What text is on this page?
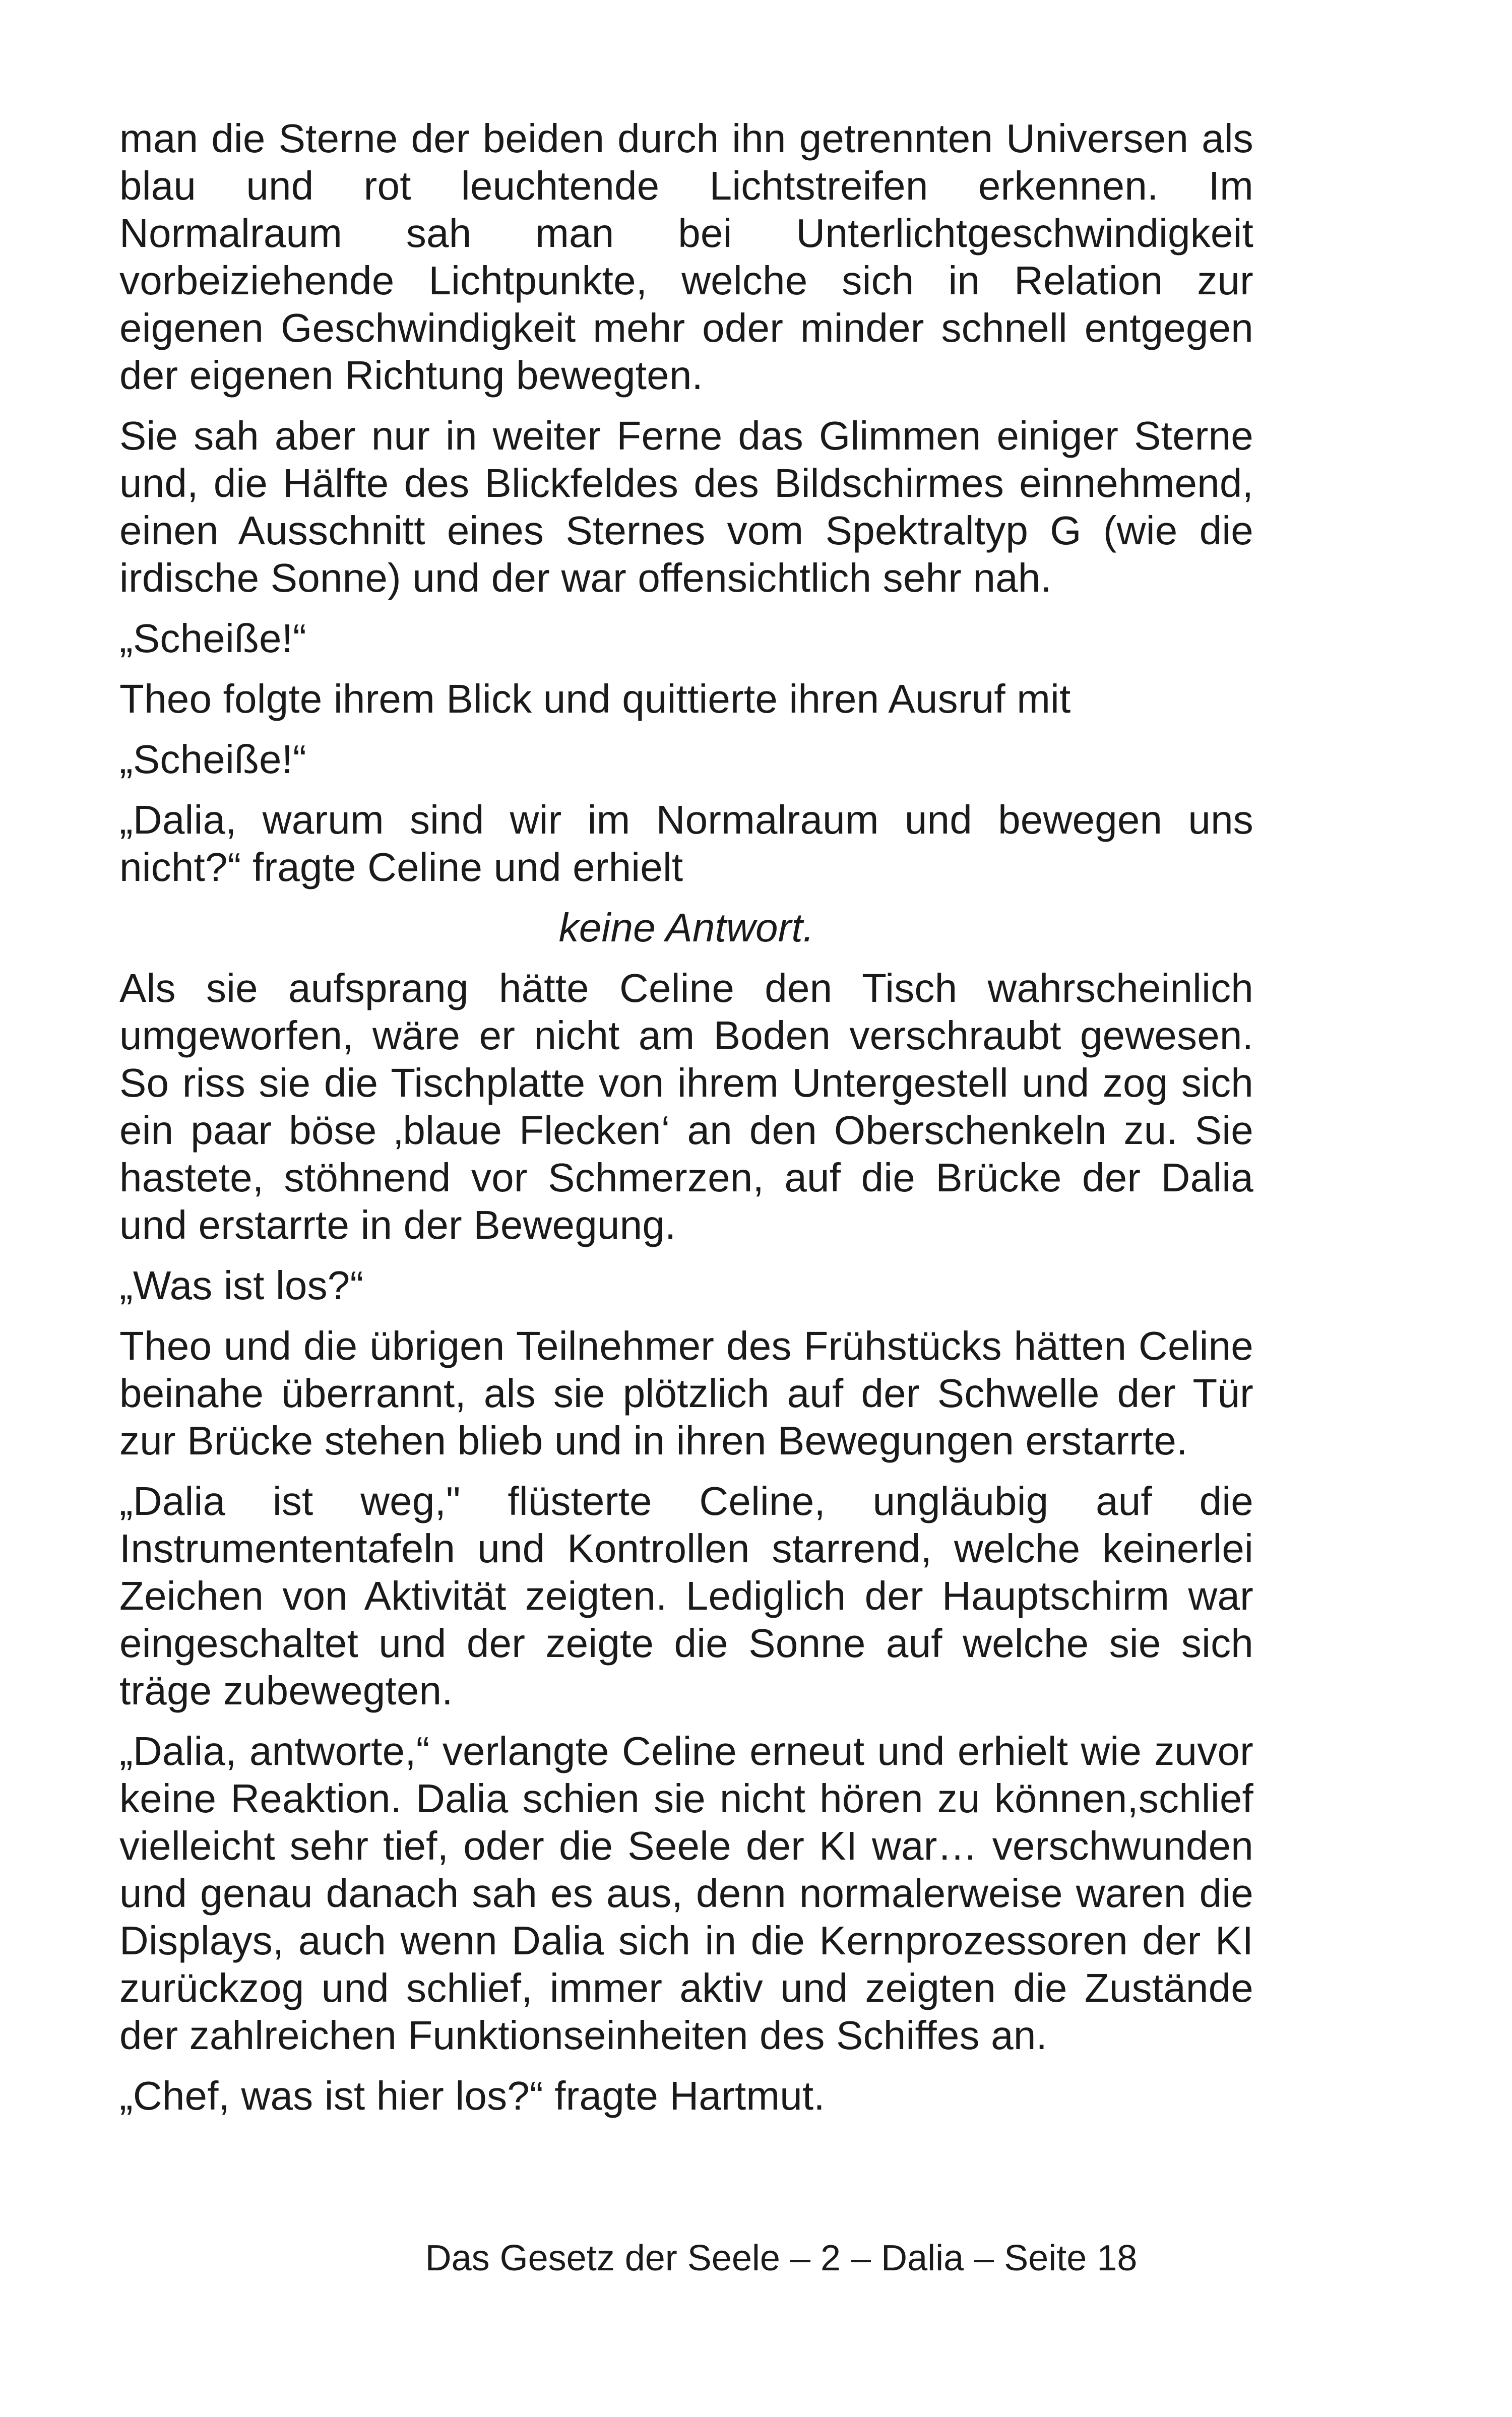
man die Sterne der beiden durch ihn getrennten Universen als blau und rot leuchtende Lichtstreifen erkennen. Im Normalraum sah man bei Unterlichtgeschwindigkeit vorbeiziehende Lichtpunkte, welche sich in Relation zur eigenen Geschwindigkeit mehr oder minder schnell entgegen der eigenen Richtung bewegten.

Sie sah aber nur in weiter Ferne das Glimmen einiger Sterne und, die Hälfte des Blickfeldes des Bildschirmes einnehmend, einen Ausschnitt eines Sternes vom Spektraltyp G (wie die irdische Sonne) und der war offensichtlich sehr nah.

„Scheiße!“

Theo folgte ihrem Blick und quittierte ihren Ausruf mit

„Scheiße!“

„Dalia, warum sind wir im Normalraum und bewegen uns nicht?“ fragte Celine und erhielt

keine Antwort.

Als sie aufsprang hätte Celine den Tisch wahrscheinlich umgeworfen, wäre er nicht am Boden verschraubt gewesen. So riss sie die Tischplatte von ihrem Untergestell und zog sich ein paar böse ‚blaue Flecken‘ an den Oberschenkeln zu. Sie hastete, stöhnend vor Schmerzen, auf die Brücke der Dalia und erstarrte in der Bewegung.

„Was ist los?“

Theo und die übrigen Teilnehmer des Frühstücks hätten Celine beinahe überrannt, als sie plötzlich auf der Schwelle der Tür zur Brücke stehen blieb und in ihren Bewegungen erstarrte.

„Dalia ist weg," flüsterte Celine, ungläubig auf die Instrumententafeln und Kontrollen starrend, welche keinerlei Zeichen von Aktivität zeigten. Lediglich der Hauptschirm war eingeschaltet und der zeigte die Sonne auf welche sie sich träge zubewegten.

„Dalia, antworte,“ verlangte Celine erneut und erhielt wie zuvor keine Reaktion. Dalia schien sie nicht hören zu können,schlief vielleicht sehr tief, oder die Seele der KI war… verschwunden und genau danach sah es aus, denn normalerweise waren die Displays, auch wenn Dalia sich in die Kernprozessoren der KI zurückzog und schlief, immer aktiv und zeigten die Zustände der zahlreichen Funktionseinheiten des Schiffes an.

„Chef, was ist hier los?“ fragte Hartmut.

Das Gesetz der Seele – 2 – Dalia – Seite 18
